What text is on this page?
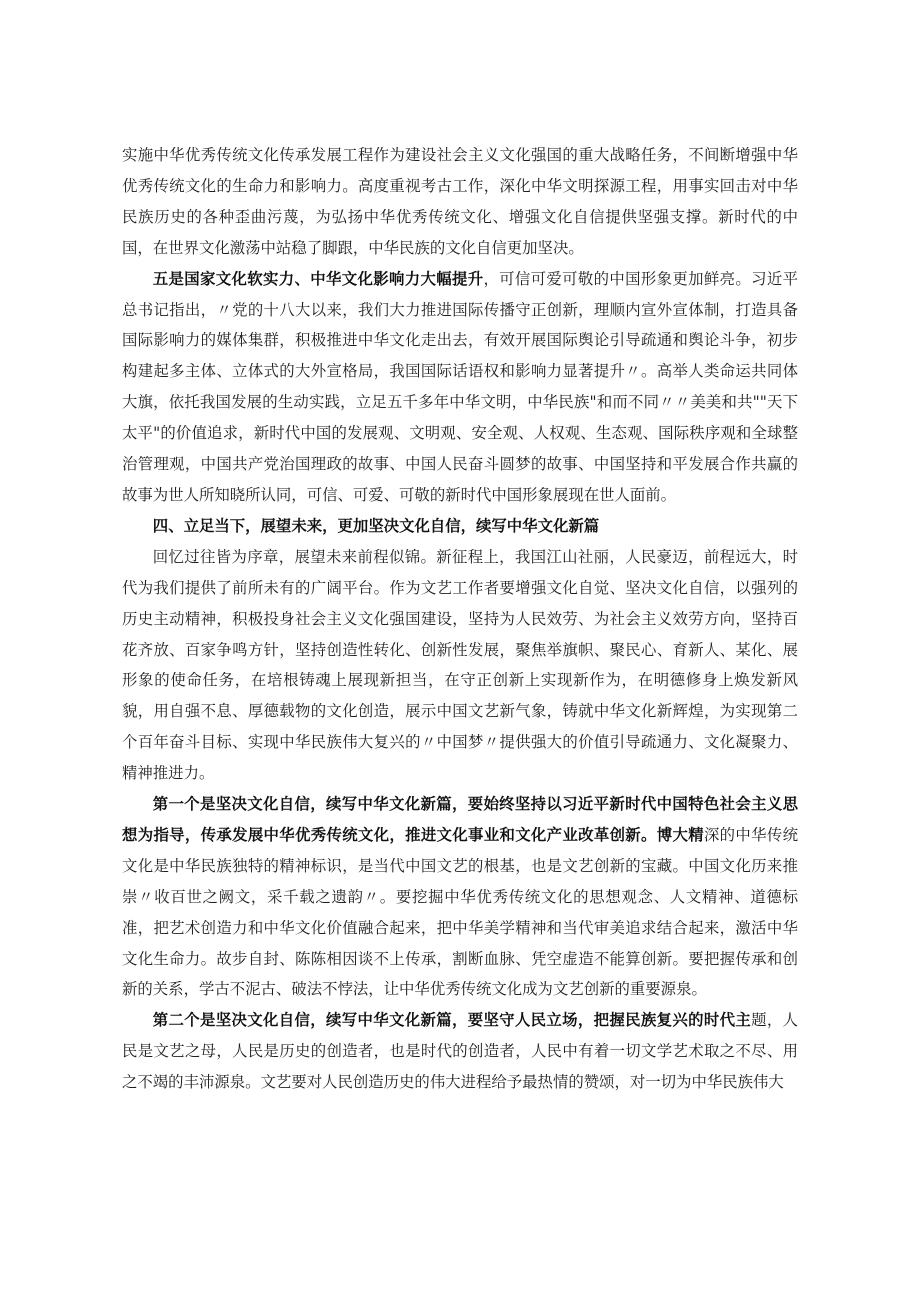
实施中华优秀传统文化传承发展工程作为建设社会主义文化强国的重大战略任务，不间断增强中华优秀传统文化的生命力和影响力。高度重视考古工作，深化中华文明探源工程，用事实回击对中华民族历史的各种歪曲污蔑，为弘扬中华优秀传统文化、增强文化自信提供坚强支撑。新时代的中国，在世界文化激荡中站稳了脚跟，中华民族的文化自信更加坚决。

五是国家文化软实力、中华文化影响力大幅提升，可信可爱可敬的中国形象更加鲜亮。习近平总书记指出，〃党的十八大以来，我们大力推进国际传播守正创新，理顺内宣外宣体制，打造具备国际影响力的媒体集群，积极推进中华文化走出去，有效开展国际舆论引导疏通和舆论斗争，初步构建起多主体、立体式的大外宣格局，我国国际话语权和影响力显著提升〃。高举人类命运共同体大旗，依托我国发展的生动实践，立足五千多年中华文明，中华民族"和而不同〃〃美美和共""天下太平"的价值追求，新时代中国的发展观、文明观、安全观、人权观、生态观、国际秩序观和全球整治管理观，中国共产党治国理政的故事、中国人民奋斗圆梦的故事、中国坚持和平发展合作共赢的故事为世人所知晓所认同，可信、可爱、可敬的新时代中国形象展现在世人面前。

四、立足当下，展望未来，更加坚决文化自信，续写中华文化新篇

回忆过往皆为序章，展望未来前程似锦。新征程上，我国江山社丽，人民豪迈，前程远大，时代为我们提供了前所未有的广阔平台。作为文艺工作者要增强文化自觉、坚决文化自信，以强列的历史主动精神，积极投身社会主义文化强国建设，坚持为人民效劳、为社会主义效劳方向，坚持百花齐放、百家争鸣方针，坚持创造性转化、创新性发展，聚焦举旗帜、聚民心、育新人、某化、展形象的使命任务，在培根铸魂上展现新担当，在守正创新上实现新作为，在明德修身上焕发新风貌，用自强不息、厚德载物的文化创造，展示中国文艺新气象，铸就中华文化新辉煌，为实现第二个百年奋斗目标、实现中华民族伟大复兴的〃中国梦〃提供强大的价值引导疏通力、文化凝聚力、精神推进力。

第一个是坚决文化自信，续写中华文化新篇，要始终坚持以习近平新时代中国特色社会主义思想为指导，传承发展中华优秀传统文化，推进文化事业和文化产业改革创新。博大精深的中华传统文化是中华民族独特的精神标识，是当代中国文艺的根基，也是文艺创新的宝藏。中国文化历来推崇〃收百世之阙文，采千载之遗韵〃。要挖掘中华优秀传统文化的思想观念、人文精神、道德标准，把艺术创造力和中华文化价值融合起来，把中华美学精神和当代审美追求结合起来，激活中华文化生命力。故步自封、陈陈相因谈不上传承，割断血脉、凭空虚造不能算创新。要把握传承和创新的关系，学古不泥古、破法不悖法，让中华优秀传统文化成为文艺创新的重要源泉。

第二个是坚决文化自信，续写中华文化新篇，要坚守人民立场，把握民族复兴的时代主题，人民是文艺之母，人民是历史的创造者，也是时代的创造者，人民中有着一切文学艺术取之不尽、用之不竭的丰沛源泉。文艺要对人民创造历史的伟大进程给予最热情的赞颂，对一切为中华民族伟大
